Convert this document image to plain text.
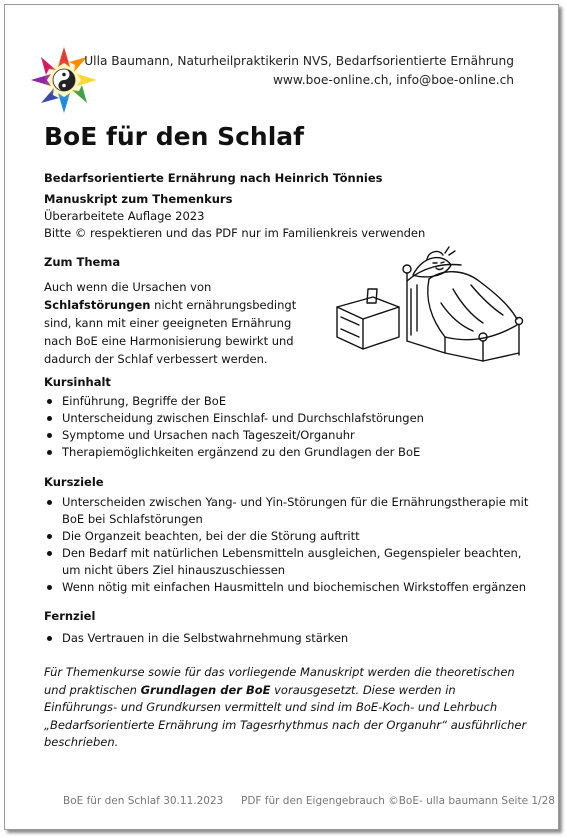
Ulla Baumann, Naturheilpraktikerin NVS, Bedarfsorientierte Ernährung
www.boe-online.ch, info@boe-online.ch
BoE für den Schlaf
Bedarfsorientierte Ernährung nach Heinrich Tönnies
Manuskript zum Themenkurs
Überarbeitete Auflage 2023
Bitte © respektieren und das PDF nur im Familienkreis verwenden
Zum Thema
Auch wenn die Ursachen von Schlafstörungen nicht ernährungsbedingt sind, kann mit einer geeigneten Ernährung nach BoE eine Harmonisierung bewirkt und dadurch der Schlaf verbessert werden.
Kursinhalt
Einführung, Begriffe der BoE
Unterscheidung zwischen Einschlaf- und Durchschlafstörungen
Symptome und Ursachen nach Tageszeit/Organuhr
Therapiemöglichkeiten ergänzend zu den Grundlagen der BoE
Kursziele
Unterscheiden zwischen Yang- und Yin-Störungen für die Ernährungstherapie mit
BoE bei Schlafstörungen
Die Organzeit beachten, bei der die Störung auftritt
Den Bedarf mit natürlichen Lebensmitteln ausgleichen, Gegenspieler beachten,
um nicht übers Ziel hinauszuschiessen
Wenn nötig mit einfachen Hausmitteln und biochemischen Wirkstoffen ergänzen
Fernziel
Das Vertrauen in die Selbstwahrnehmung stärken
Für Themenkurse sowie für das vorliegende Manuskript werden die theoretischen und praktischen Grundlagen der BoE vorausgesetzt. Diese werden in Einführungs- und Grundkursen vermittelt und sind im BoE-Koch- und Lehrbuch „Bedarfsorientierte Ernährung im Tagesrhythmus nach der Organuhr“ ausführlicher beschrieben.
BoE für den Schlaf 30.11.2023 PDF für den Eigengebrauch ©BoE- ulla baumann Seite 1/28
